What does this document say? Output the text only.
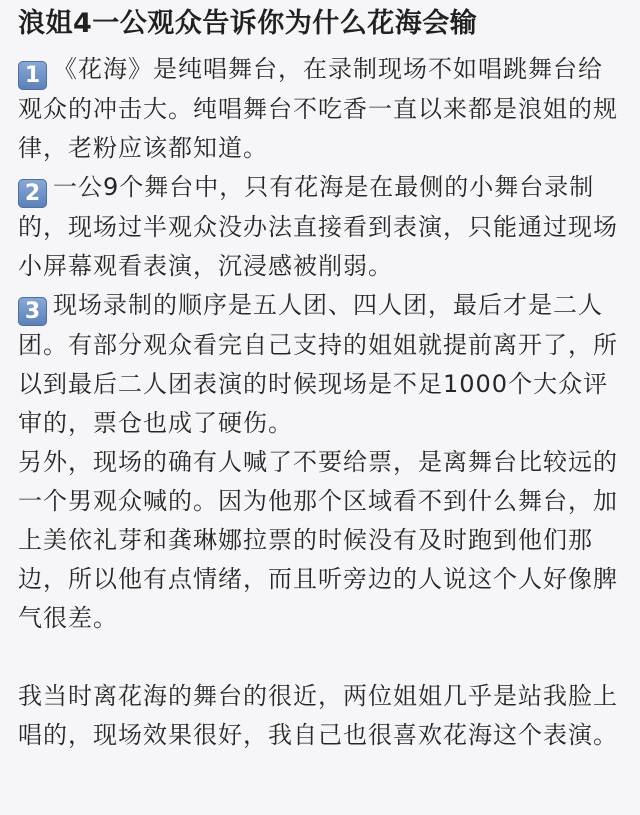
浪姐4一公观众告诉你为什么花海会输

1 《花海》是纯唱舞台，在录制现场不如唱跳舞台给观众的冲击大。纯唱舞台不吃香一直以来都是浪姐的规律，老粉应该都知道。

2 一公9个舞台中，只有花海是在最侧的小舞台录制的，现场过半观众没办法直接看到表演，只能通过现场小屏幕观看表演，沉浸感被削弱。

3 现场录制的顺序是五人团、四人团，最后才是二人团。有部分观众看完自己支持的姐姐就提前离开了，所以到最后二人团表演的时候现场是不足1000个大众评审的，票仓也成了硬伤。

另外，现场的确有人喊了不要给票，是离舞台比较远的一个男观众喊的。因为他那个区域看不到什么舞台，加上美依礼芽和龚琳娜拉票的时候没有及时跑到他们那边，所以他有点情绪，而且听旁边的人说这个人好像脾气很差。

我当时离花海的舞台的很近，两位姐姐几乎是站我脸上唱的，现场效果很好，我自己也很喜欢花海这个表演。
